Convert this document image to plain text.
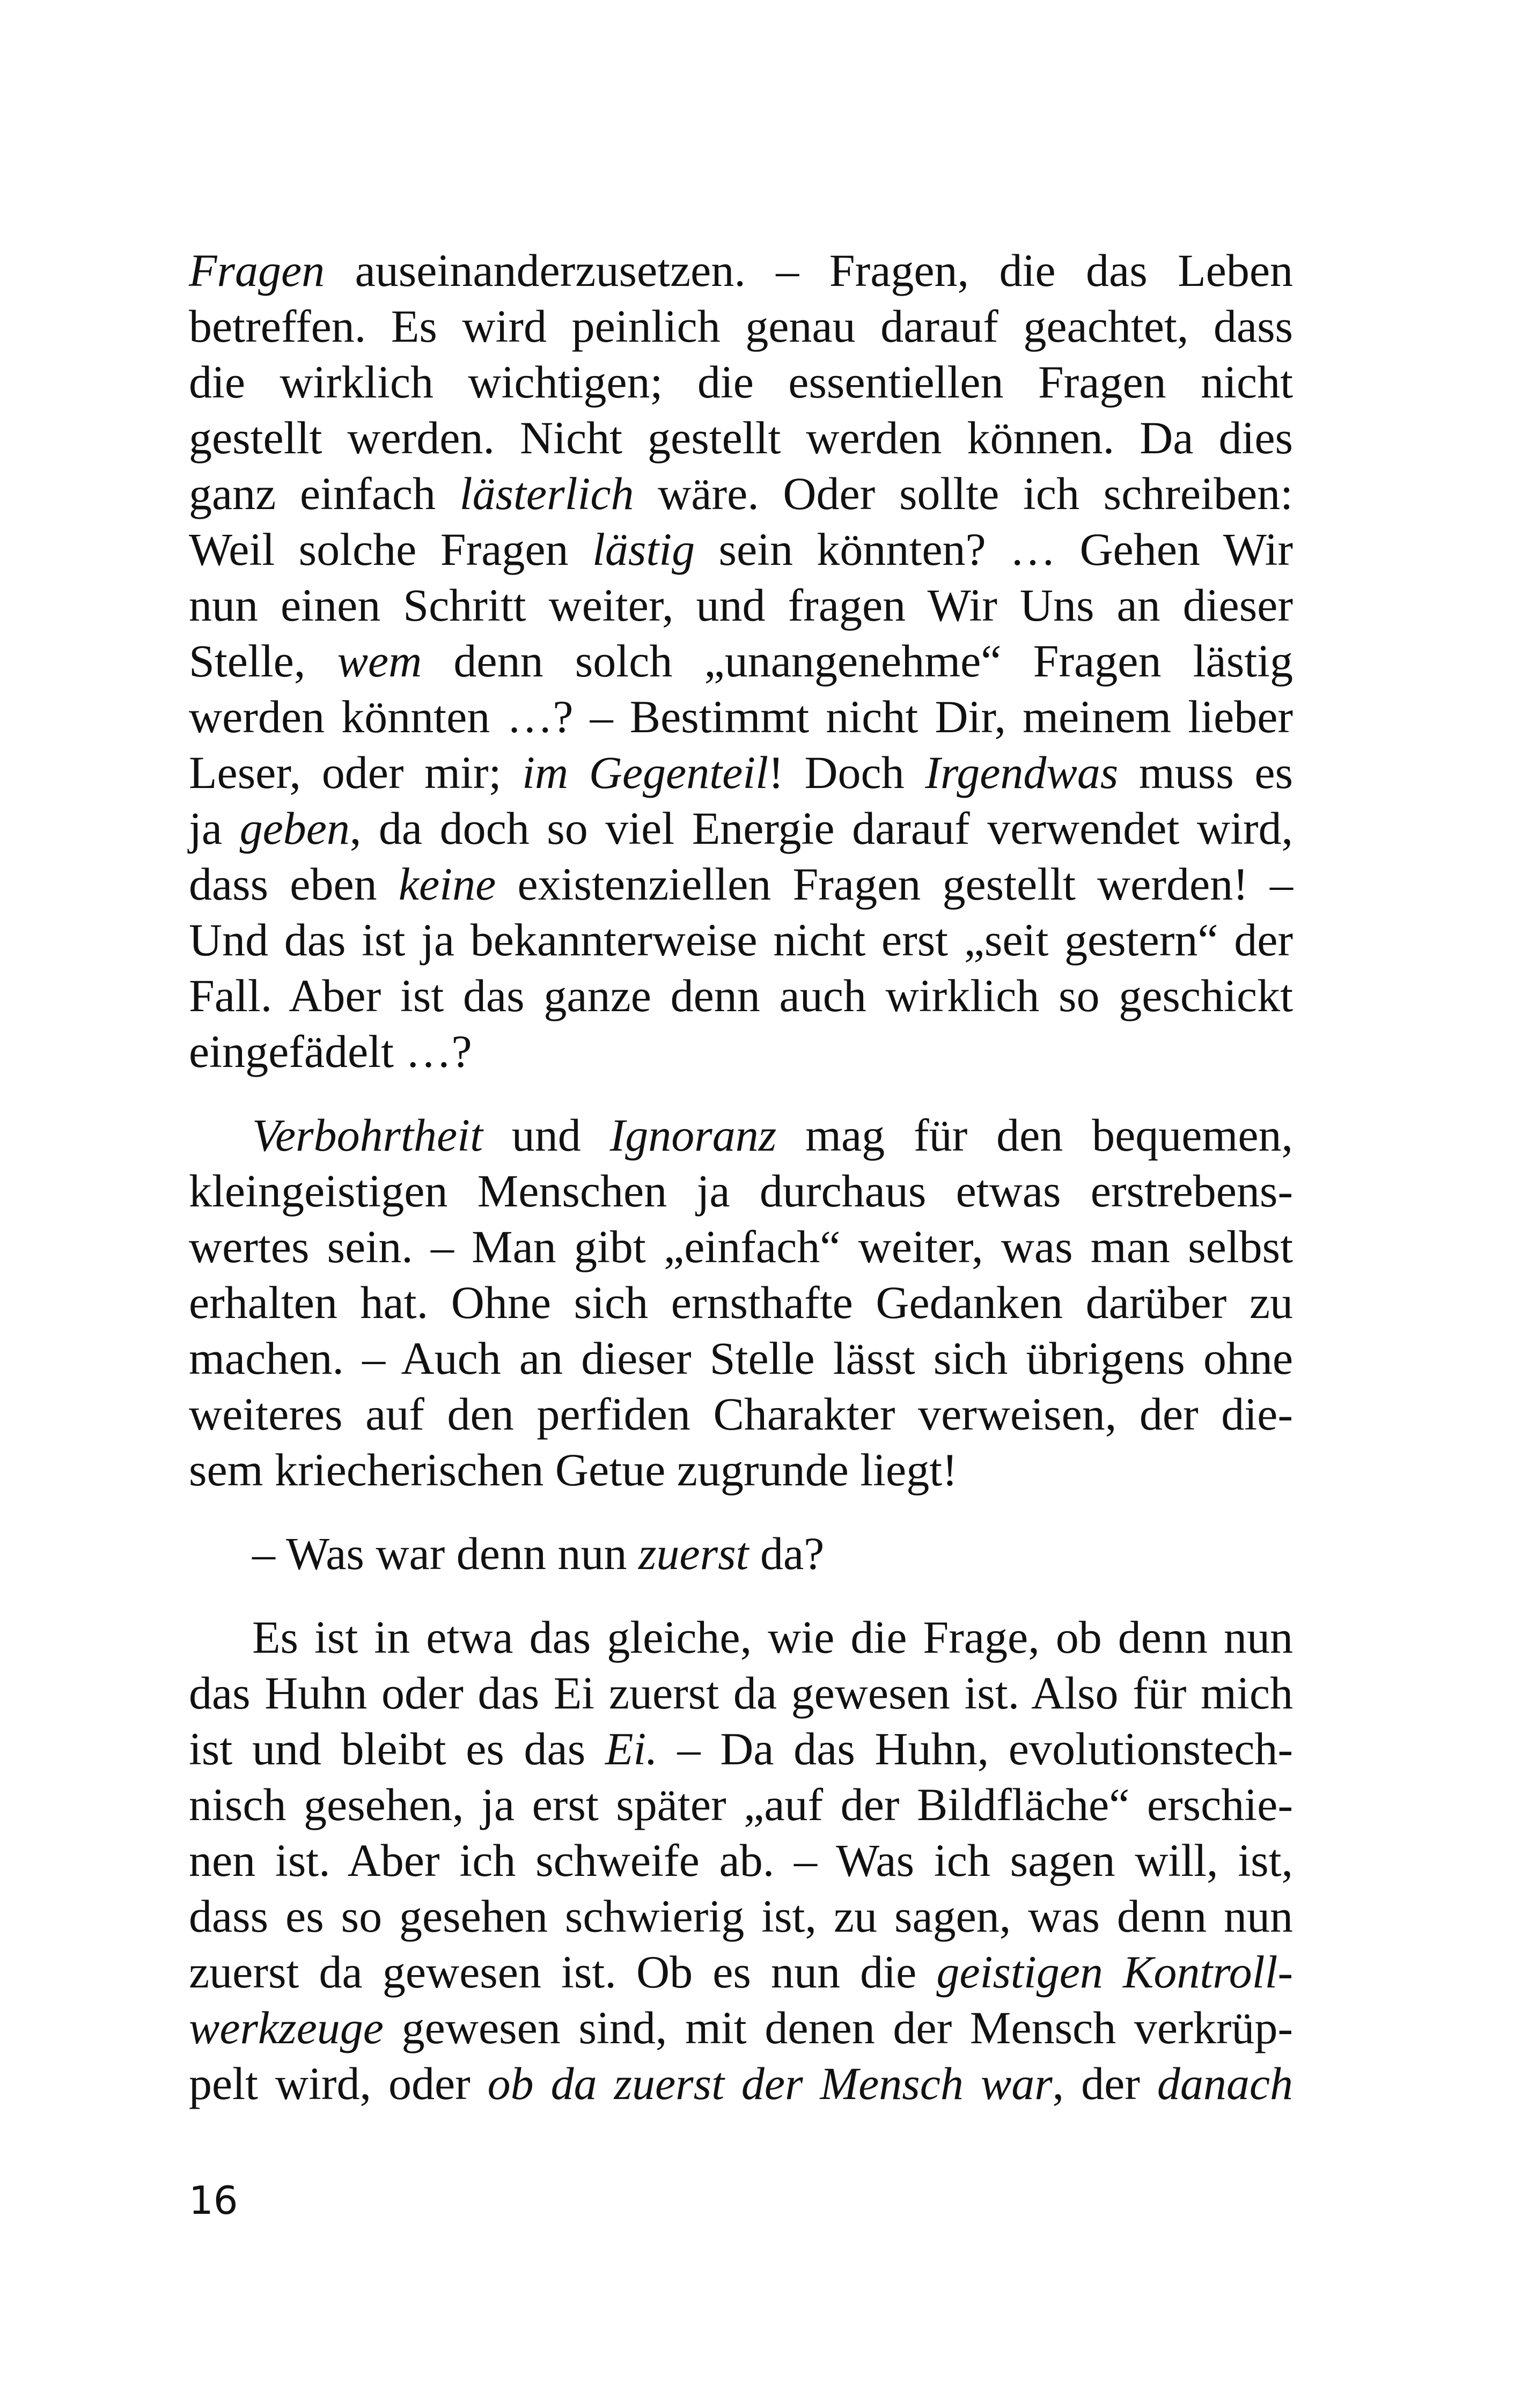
Fragen auseinanderzusetzen. – Fragen, die das Leben
betreffen. Es wird peinlich genau darauf geachtet, dass
die wirklich wichtigen; die essentiellen Fragen nicht
gestellt werden. Nicht gestellt werden können. Da dies
ganz einfach lästerlich wäre. Oder sollte ich schreiben:
Weil solche Fragen lästig sein könnten? … Gehen Wir
nun einen Schritt weiter, und fragen Wir Uns an dieser
Stelle, wem denn solch „unangenehme“ Fragen lästig
werden könnten …? – Bestimmt nicht Dir, meinem lieber
Leser, oder mir; im Gegenteil! Doch Irgendwas muss es
ja geben, da doch so viel Energie darauf verwendet wird,
dass eben keine existenziellen Fragen gestellt werden! –
Und das ist ja bekannterweise nicht erst „seit gestern“ der
Fall. Aber ist das ganze denn auch wirklich so geschickt
eingefädelt …?
Verbohrtheit und Ignoranz mag für den bequemen,
kleingeistigen Menschen ja durchaus etwas erstrebens-
wertes sein. – Man gibt „einfach“ weiter, was man selbst
erhalten hat. Ohne sich ernsthafte Gedanken darüber zu
machen. – Auch an dieser Stelle lässt sich übrigens ohne
weiteres auf den perfiden Charakter verweisen, der die-
sem kriecherischen Getue zugrunde liegt!
– Was war denn nun zuerst da?
Es ist in etwa das gleiche, wie die Frage, ob denn nun
das Huhn oder das Ei zuerst da gewesen ist. Also für mich
ist und bleibt es das Ei. – Da das Huhn, evolutionstech-
nisch gesehen, ja erst später „auf der Bildfläche“ erschie-
nen ist. Aber ich schweife ab. – Was ich sagen will, ist,
dass es so gesehen schwierig ist, zu sagen, was denn nun
zuerst da gewesen ist. Ob es nun die geistigen Kontroll-
werkzeuge gewesen sind, mit denen der Mensch verkrüp-
pelt wird, oder ob da zuerst der Mensch war, der danach
16
